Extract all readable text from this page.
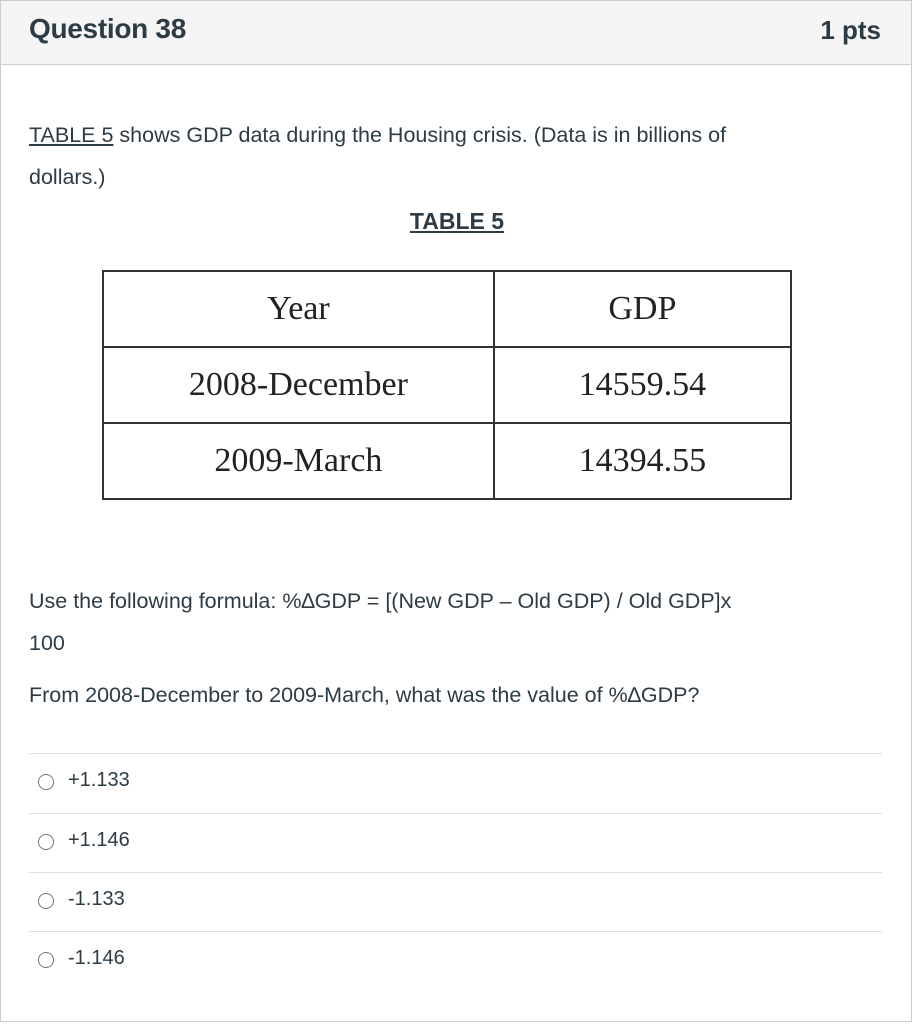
Question 38	1 pts
TABLE 5 shows GDP data during the Housing crisis. (Data is in billions of
dollars.)
TABLE 5
Year	GDP
2008-December	14559.54
2009-March	14394.55
Use the following formula: %∆GDP = [(New GDP – Old GDP) / Old GDP]x
100
From 2008-December to 2009-March, what was the value of %∆GDP?
+1.133
+1.146
-1.133
-1.146
